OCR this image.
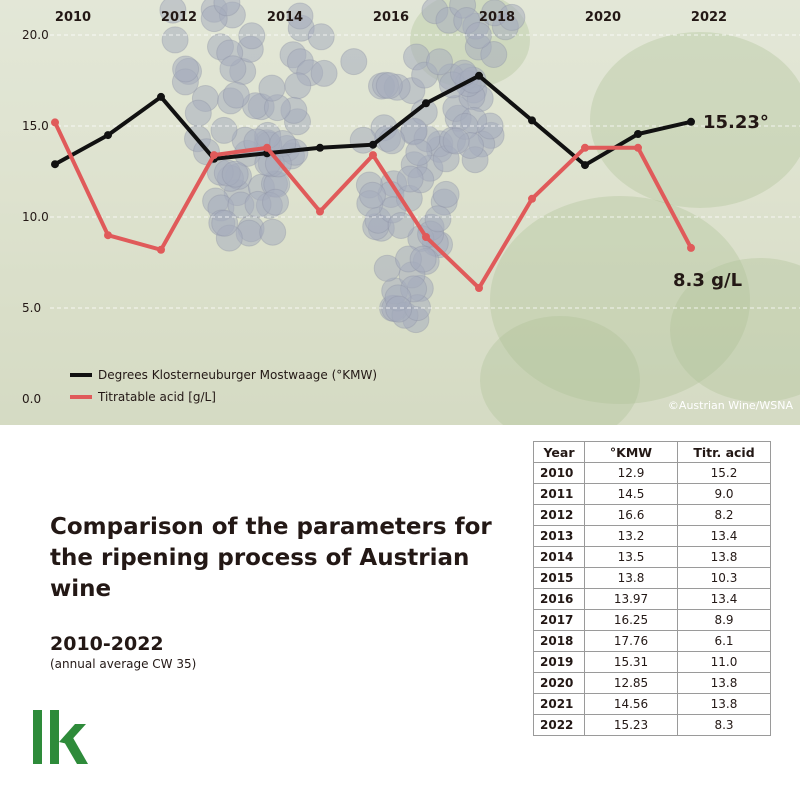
0.0
5.0
10.0
15.0
20.0
2010	2012	2014	2016	2018	2020	2022
15.23°
8.3 g/L
Degrees Klosterneuburger Mostwaage (°KMW)
Titratable acid [g/L]
©Austrian Wine/WSNA
Comparison of the parameters for the ripening process of Austrian wine
2010-2022
(annual average CW 35)
Year	°KMW	Titr. acid
2010	12.9	15.2
2011	14.5	9.0
2012	16.6	8.2
2013	13.2	13.4
2014	13.5	13.8
2015	13.8	10.3
2016	13.97	13.4
2017	16.25	8.9
2018	17.76	6.1
2019	15.31	11.0
2020	12.85	13.8
2021	14.56	13.8
2022	15.23	8.3
